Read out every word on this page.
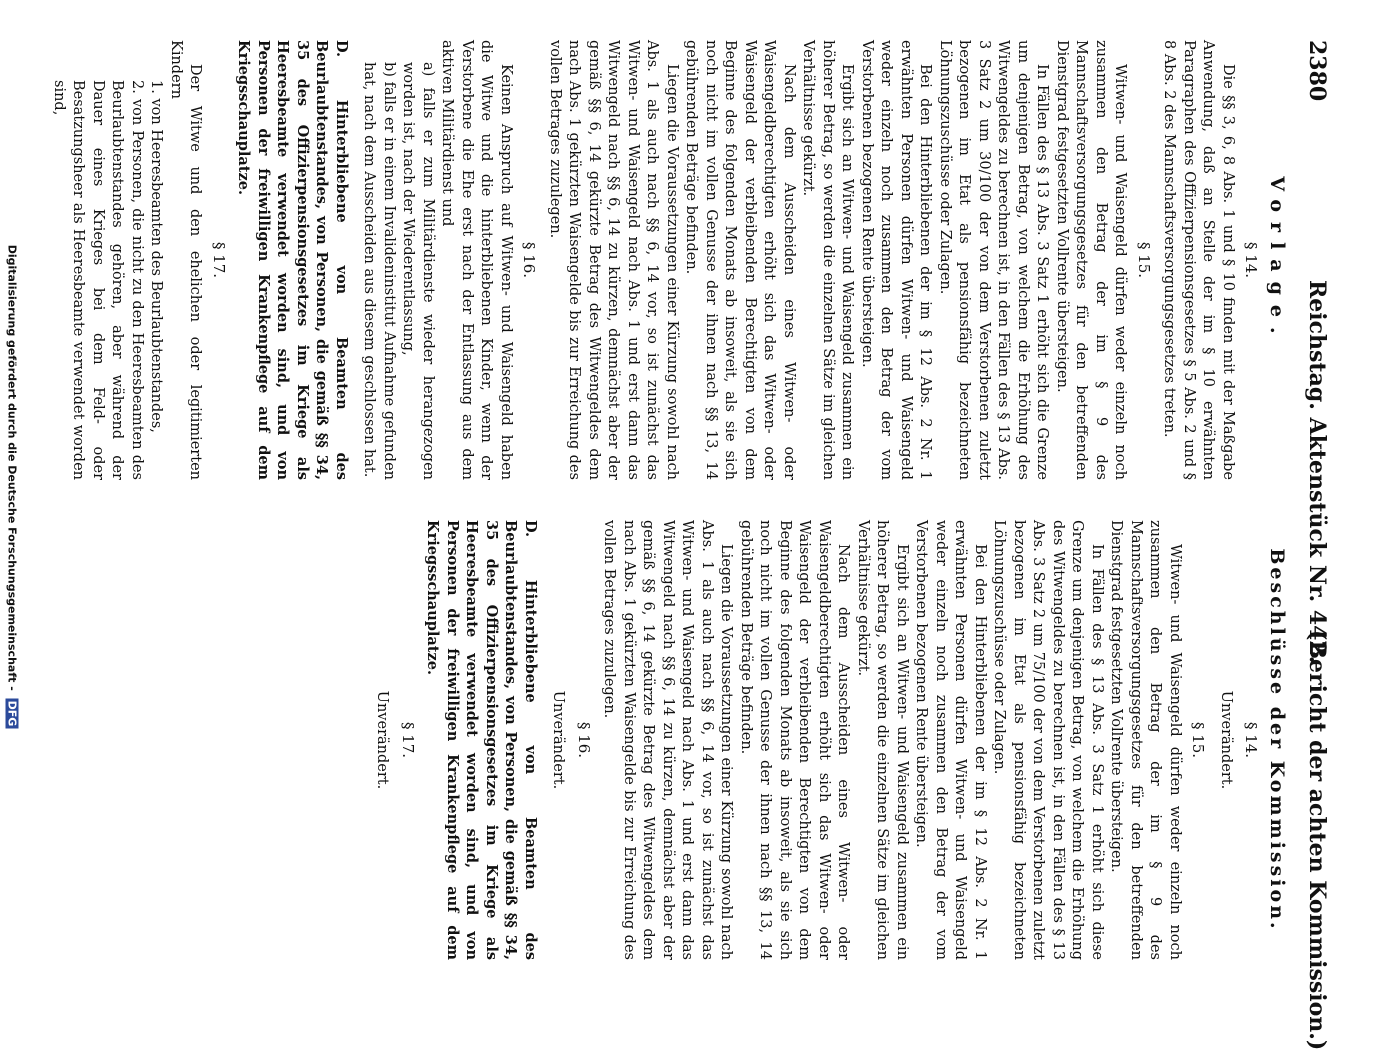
2380
Reichstag. Aktenstück Nr. 442.
(Bericht der achten Kommission.)
Vorlage.
§ 14.

Die §§ 3, 6, 8 Abs. 1 und § 10 finden mit der Maßgabe Anwendung, daß an Stelle der im § 10 erwähnten Paragraphen des Offizierpensionsgesetzes § 5 Abs. 2 und § 8 Abs. 2 des Mannschaftsversorgungsgesetzes treten.

§ 15.

Witwen- und Waisengeld dürfen weder einzeln noch zusammen den Betrag der im § 9 des Mannschaftsversorgungsgesetzes für den betreffenden Dienstgrad festgesetzten Vollrente übersteigen.

In Fällen des § 13 Abs. 3 Satz 1 erhöht sich die Grenze um denjenigen Betrag, von welchem die Erhöhung des Witwengeldes zu berechnen ist, in den Fällen des § 13 Abs. 3 Satz 2 um 30/100 der von dem Verstorbenen zuletzt bezogenen im Etat als pensionsfähig bezeichneten Löhnungszuschüsse oder Zulagen.

Bei den Hinterbliebenen der im § 12 Abs. 2 Nr. 1 erwähnten Personen dürfen Witwen- und Waisengeld weder einzeln noch zusammen den Betrag der vom Verstorbenen bezogenen Rente übersteigen.

Ergibt sich an Witwen- und Waisengeld zusammen ein höherer Betrag, so werden die einzelnen Sätze im gleichen Verhältnisse gekürzt.

Nach dem Ausscheiden eines Witwen- oder Waisengeldberechtigten erhöht sich das Witwen- oder Waisengeld der verbleibenden Berechtigten von dem Beginne des folgenden Monats ab insoweit, als sie sich noch nicht im vollen Genusse der ihnen nach §§ 13, 14 gebührenden Beträge befinden.

Liegen die Voraussetzungen einer Kürzung sowohl nach Abs. 1 als auch nach §§ 6, 14 vor, so ist zunächst das Witwen- und Waisengeld nach Abs. 1 und erst dann das Witwengeld nach §§ 6, 14 zu kürzen, demnächst aber der gemäß §§ 6, 14 gekürzte Betrag des Witwengeldes dem nach Abs. 1 gekürzten Waisengelde bis zur Erreichung des vollen Betrages zuzulegen.

§ 16.

Keinen Anspruch auf Witwen- und Waisengeld haben die Witwe und die hinterbliebenen Kinder, wenn der Verstorbene die Ehe erst nach der Entlassung aus dem aktiven Militärdienst und

a) falls er zum Militärdienste wieder herangezogen worden ist, nach der Wiederentlassung,

b) falls er in einem Invalideninstitut Aufnahme gefunden hat, nach dem Ausscheiden aus diesem geschlossen hat.

D. Hinterbliebene von Beamten des Beurlaubtenstandes, von Personen, die gemäß §§ 34, 35 des Offizierpensionsgesetzes im Kriege als Heeresbeamte verwendet worden sind, und von Personen der freiwilligen Krankenpflege auf dem Kriegsschauplatze.

§ 17.

Der Witwe und den ehelichen oder legitimierten Kindern

1. von Heeresbeamten des Beurlaubtenstandes,

2. von Personen, die nicht zu den Heeresbeamten des Beurlaubtenstandes gehören, aber während der Dauer eines Krieges bei dem Feld- oder Besatzungsheer als Heeresbeamte verwendet worden sind,

Beschlüsse der Kommission.
§ 14.
Unverändert.
§ 15.

Witwen- und Waisengeld dürfen weder einzeln noch zusammen den Betrag der im § 9 des Mannschaftsversorgungsgesetzes für den betreffenden Dienstgrad festgesetzten Vollrente übersteigen.

In Fällen des § 13 Abs. 3 Satz 1 erhöht sich diese Grenze um denjenigen Betrag, von welchem die Erhöhung des Witwengeldes zu berechnen ist, in den Fällen des § 13 Abs. 3 Satz 2 um 75/100 der von dem Verstorbenen zuletzt bezogenen im Etat als pensionsfähig bezeichneten Löhnungszuschüsse oder Zulagen.

Bei den Hinterbliebenen der im § 12 Abs. 2 Nr. 1 erwähnten Personen dürfen Witwen- und Waisengeld weder einzeln noch zusammen den Betrag der vom Verstorbenen bezogenen Rente übersteigen.

Ergibt sich an Witwen- und Waisengeld zusammen ein höherer Betrag, so werden die einzelnen Sätze im gleichen Verhältnisse gekürzt.

Nach dem Ausscheiden eines Witwen- oder Waisengeldberechtigten erhöht sich das Witwen- oder Waisengeld der verbleibenden Berechtigten von dem Beginne des folgenden Monats ab insoweit, als sie sich noch nicht im vollen Genusse der ihnen nach §§ 13, 14 gebührenden Beträge befinden.

Liegen die Voraussetzungen einer Kürzung sowohl nach Abs. 1 als auch nach §§ 6, 14 vor, so ist zunächst das Witwen- und Waisengeld nach Abs. 1 und erst dann das Witwengeld nach §§ 6, 14 zu kürzen, demnächst aber der gemäß §§ 6, 14 gekürzte Betrag des Witwengeldes dem nach Abs. 1 gekürzten Waisengelde bis zur Erreichung des vollen Betrages zuzulegen.

§ 16.
Unverändert.

D. Hinterbliebene von Beamten des Beurlaubtenstandes, von Personen, die gemäß §§ 34, 35 des Offizierpensionsgesetzes im Kriege als Heeresbeamte verwendet worden sind, und von Personen der freiwilligen Krankenpflege auf dem Kriegsschauplatze.

§ 17.
Unverändert.
Digitalisierung gefördert durch die Deutsche Forschungsgemeinschaft - DFG
